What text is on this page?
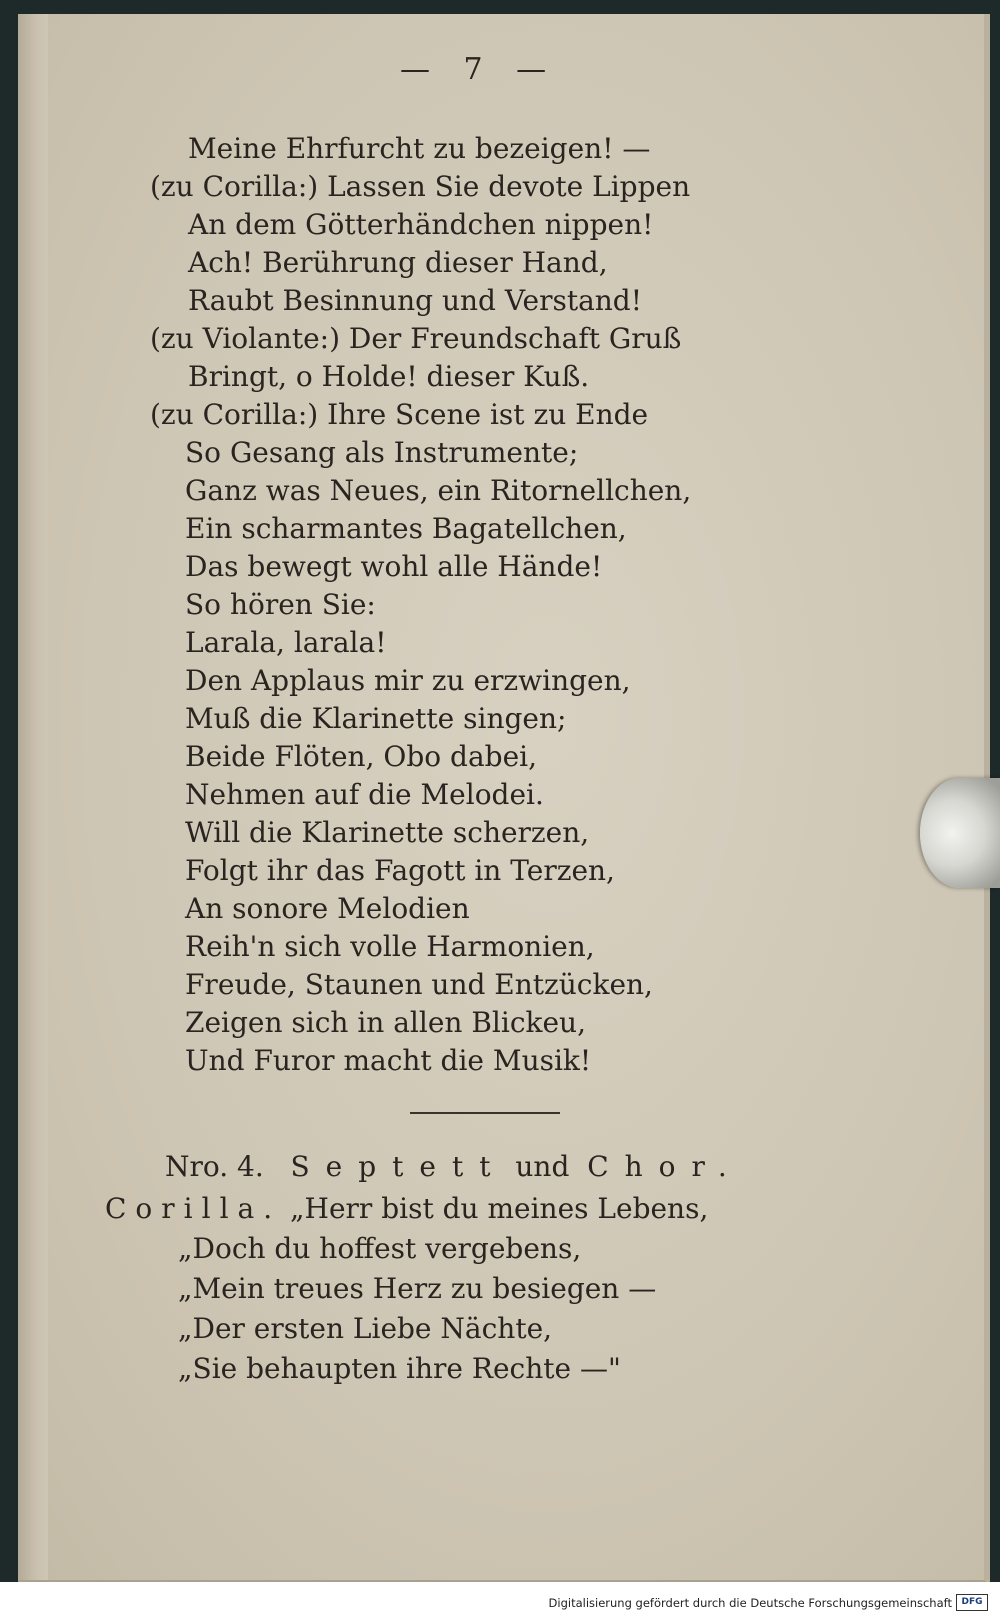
— 7 —
Meine Ehrfurcht zu bezeigen! —
(zu Corilla:) Lassen Sie devote Lippen
An dem Götterhändchen nippen!
Ach! Berührung dieser Hand,
Raubt Besinnung und Verstand!
(zu Violante:) Der Freundschaft Gruß
Bringt, o Holde! dieser Kuß.
(zu Corilla:) Ihre Scene ist zu Ende
So Gesang als Instrumente;
Ganz was Neues, ein Ritornellchen,
Ein scharmantes Bagatellchen,
Das bewegt wohl alle Hände!
So hören Sie:
Larala, larala!
Den Applaus mir zu erzwingen,
Muß die Klarinette singen;
Beide Flöten, Obo dabei,
Nehmen auf die Melodei.
Will die Klarinette scherzen,
Folgt ihr das Fagott in Terzen,
An sonore Melodien
Reih'n sich volle Harmonien,
Freude, Staunen und Entzücken,
Zeigen sich in allen Blickeu,
Und Furor macht die Musik!
Nro. 4. Septett und Chor.
Corilla. „Herr bist du meines Lebens,
„Doch du hoffest vergebens,
„Mein treues Herz zu besiegen —
„Der ersten Liebe Nächte,
„Sie behaupten ihre Rechte —"
Digitalisierung gefördert durch die Deutsche Forschungsgemeinschaft	DFG
